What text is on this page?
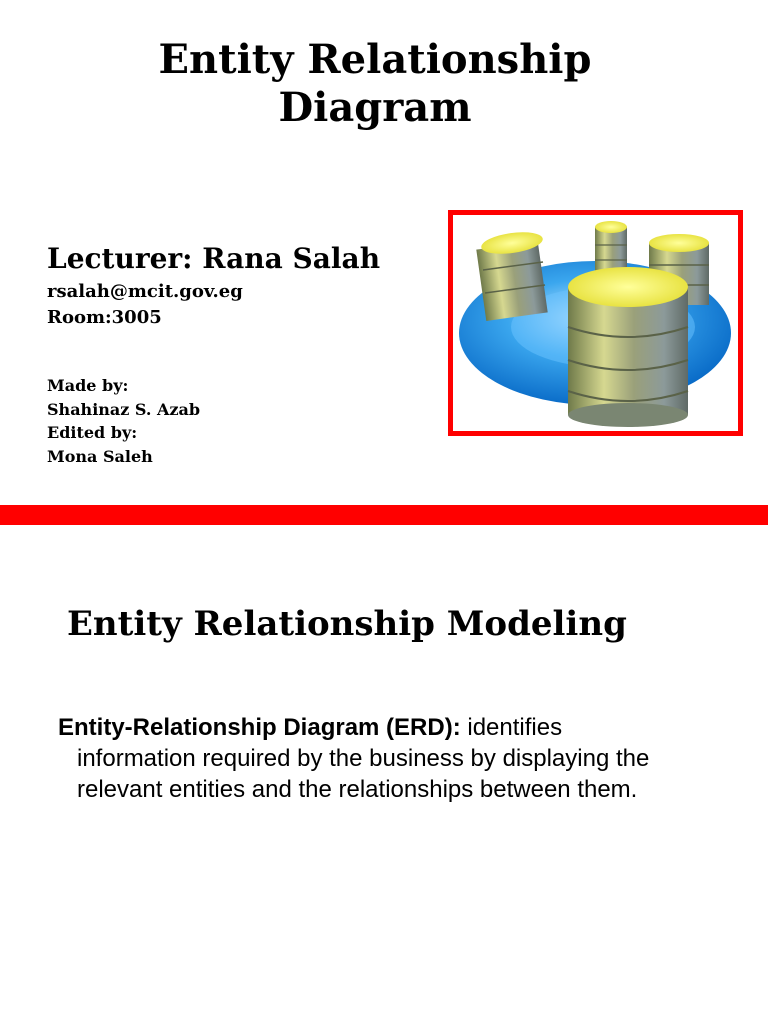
Entity Relationship
Diagram
Lecturer: Rana Salah
rsalah@mcit.gov.eg
Room:3005
Made by:
Shahinaz S. Azab
Edited by:
Mona Saleh
Entity Relationship Modeling
Entity-Relationship Diagram (ERD): identifies
information required by the business by displaying the
relevant entities and the relationships between them.
